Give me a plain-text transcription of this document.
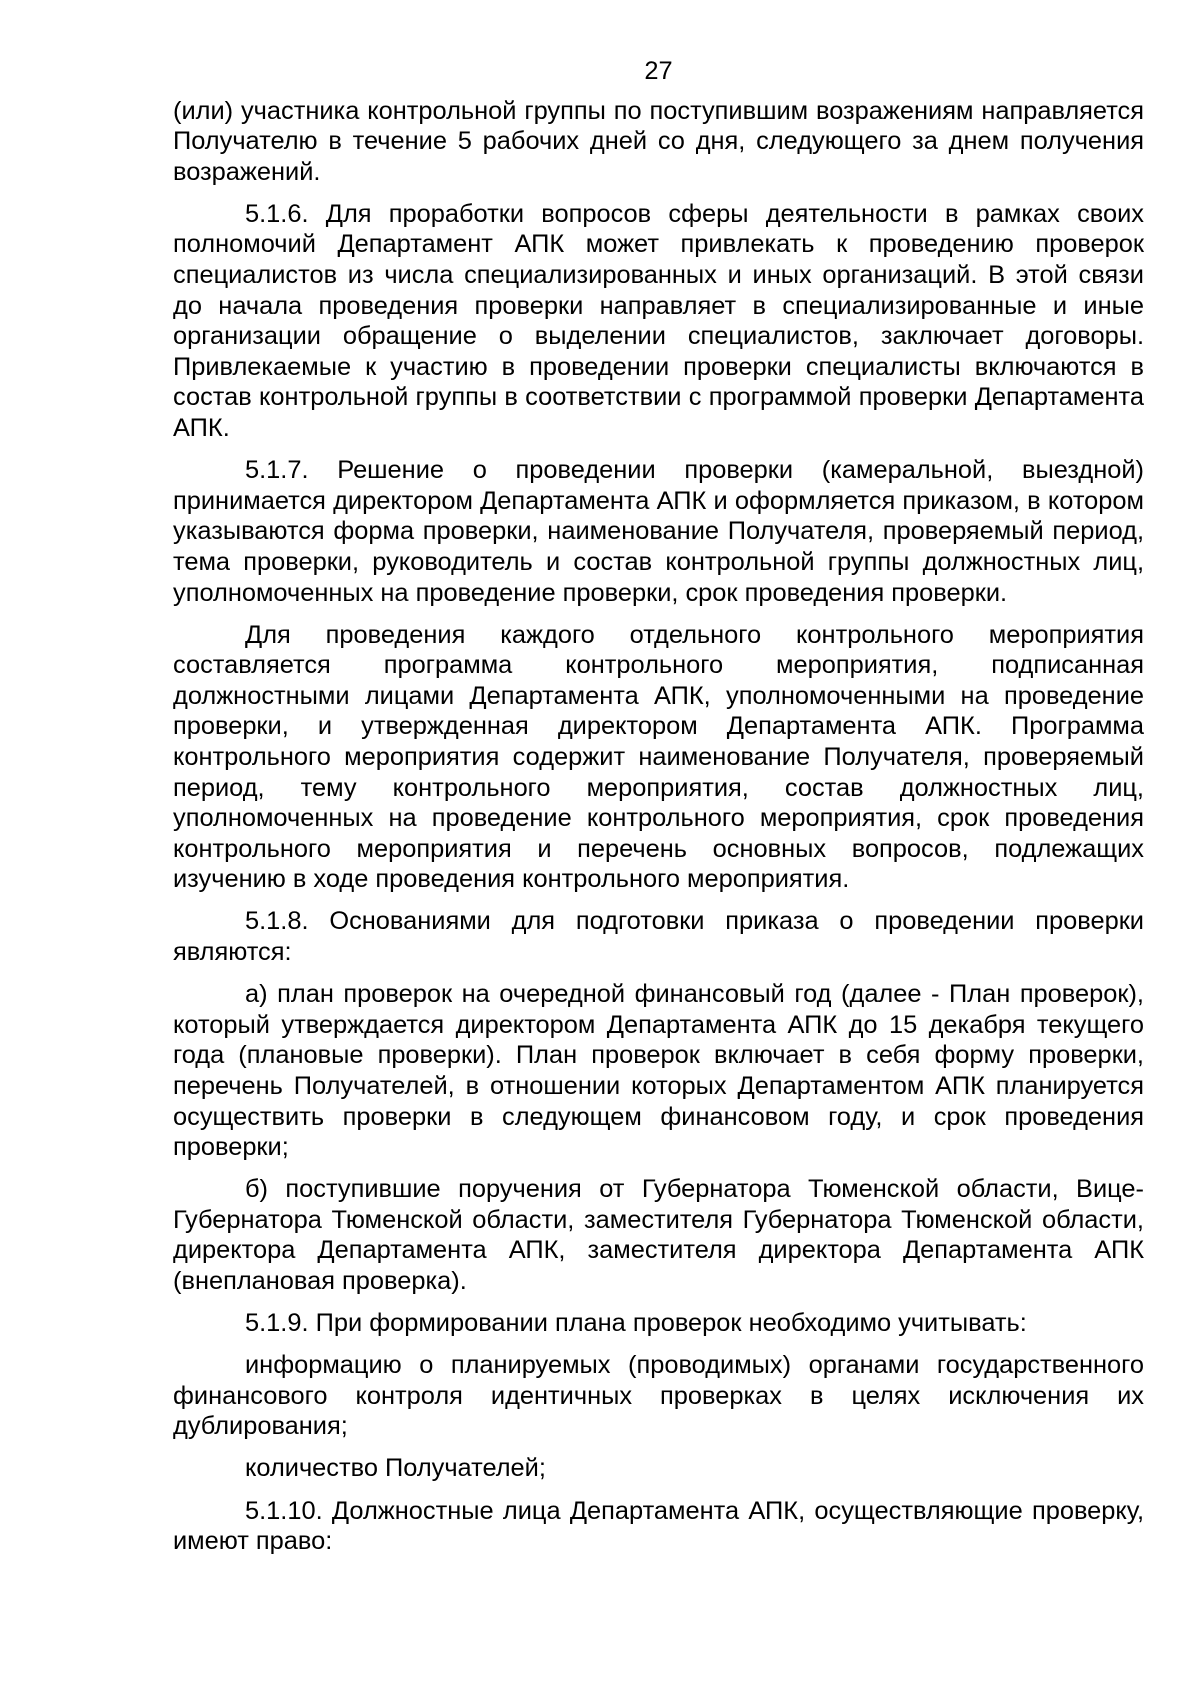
27

(или) участника контрольной группы по поступившим возражениям направляется Получателю в течение 5 рабочих дней со дня, следующего за днем получения возражений.

5.1.6. Для проработки вопросов сферы деятельности в рамках своих полномочий Департамент АПК может привлекать к проведению проверок специалистов из числа специализированных и иных организаций. В этой связи до начала проведения проверки направляет в специализированные и иные организации обращение о выделении специалистов, заключает договоры. Привлекаемые к участию в проведении проверки специалисты включаются в состав контрольной группы в соответствии с программой проверки Департамента АПК.

5.1.7. Решение о проведении проверки (камеральной, выездной) принимается директором Департамента АПК и оформляется приказом, в котором указываются форма проверки, наименование Получателя, проверяемый период, тема проверки, руководитель и состав контрольной группы должностных лиц, уполномоченных на проведение проверки, срок проведения проверки.

Для проведения каждого отдельного контрольного мероприятия составляется программа контрольного мероприятия, подписанная должностными лицами Департамента АПК, уполномоченными на проведение проверки, и утвержденная директором Департамента АПК. Программа контрольного мероприятия содержит наименование Получателя, проверяемый период, тему контрольного мероприятия, состав должностных лиц, уполномоченных на проведение контрольного мероприятия, срок проведения контрольного мероприятия и перечень основных вопросов, подлежащих изучению в ходе проведения контрольного мероприятия.

5.1.8. Основаниями для подготовки приказа о проведении проверки являются:

а) план проверок на очередной финансовый год (далее - План проверок), который утверждается директором Департамента АПК до 15 декабря текущего года (плановые проверки). План проверок включает в себя форму проверки, перечень Получателей, в отношении которых Департаментом АПК планируется осуществить проверки в следующем финансовом году, и срок проведения проверки;

б) поступившие поручения от Губернатора Тюменской области, Вице-Губернатора Тюменской области, заместителя Губернатора Тюменской области, директора Департамента АПК, заместителя директора Департамента АПК (внеплановая проверка).

5.1.9. При формировании плана проверок необходимо учитывать:

информацию о планируемых (проводимых) органами государственного финансового контроля идентичных проверках в целях исключения их дублирования;

количество Получателей;

5.1.10. Должностные лица Департамента АПК, осуществляющие проверку, имеют право:
